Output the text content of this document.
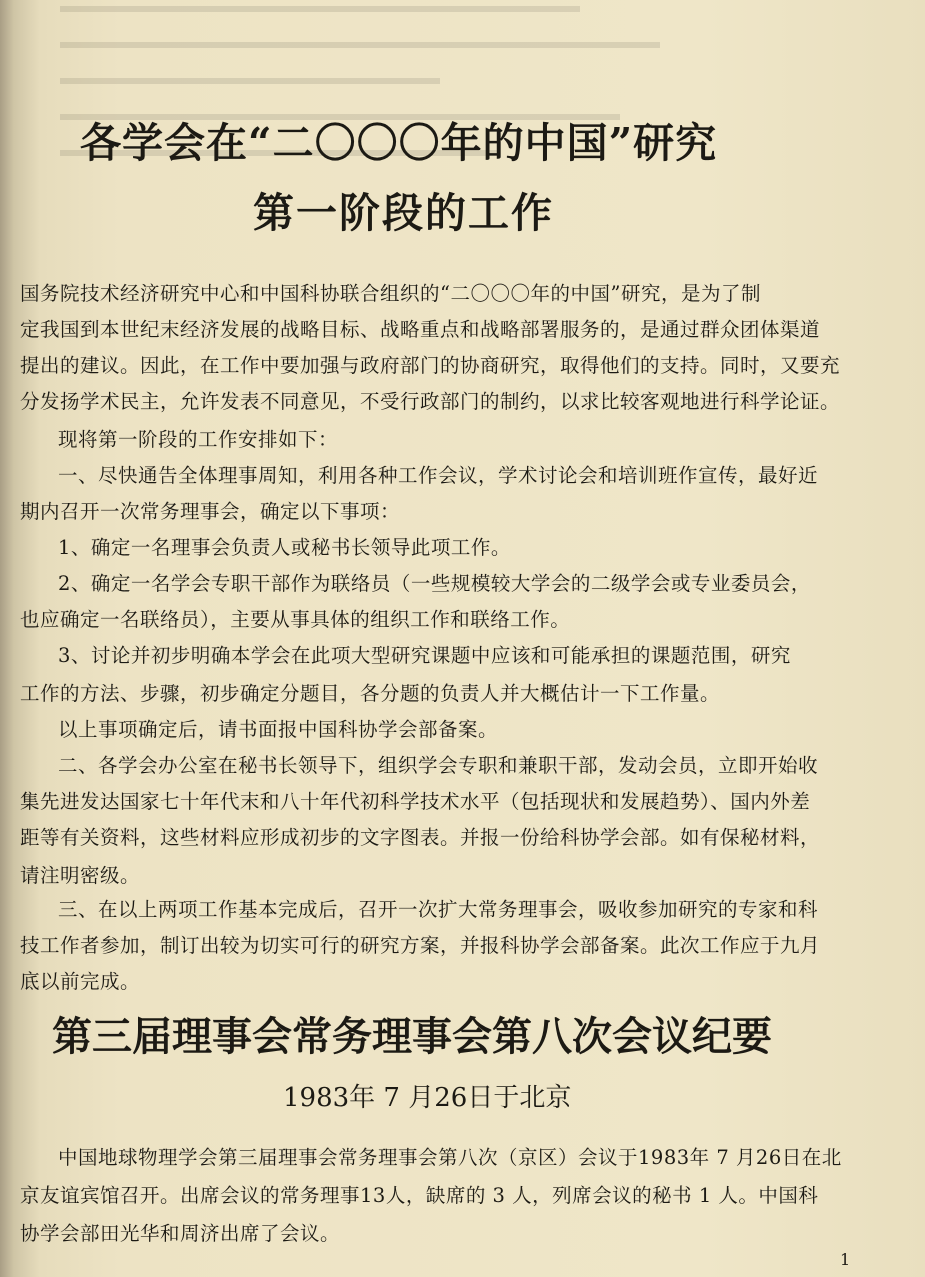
各学会在“二〇〇〇年的中国”研究
第一阶段的工作

国务院技术经济研究中心和中国科协联合组织的“二〇〇〇年的中国”研究，是为了制

定我国到本世纪末经济发展的战略目标、战略重点和战略部署服务的，是通过群众团体渠道

提出的建议。因此，在工作中要加强与政府部门的协商研究，取得他们的支持。同时，又要充

分发扬学术民主，允许发表不同意见，不受行政部门的制约，以求比较客观地进行科学论证。

现将第一阶段的工作安排如下：

一、尽快通告全体理事周知，利用各种工作会议，学术讨论会和培训班作宣传，最好近

期内召开一次常务理事会，确定以下事项：

1、确定一名理事会负责人或秘书长领导此项工作。

2、确定一名学会专职干部作为联络员（一些规模较大学会的二级学会或专业委员会，

也应确定一名联络员），主要从事具体的组织工作和联络工作。

3、讨论并初步明确本学会在此项大型研究课题中应该和可能承担的课题范围，研究

工作的方法、步骤，初步确定分题目，各分题的负责人并大概估计一下工作量。

以上事项确定后，请书面报中国科协学会部备案。

二、各学会办公室在秘书长领导下，组织学会专职和兼职干部，发动会员，立即开始收

集先进发达国家七十年代末和八十年代初科学技术水平（包括现状和发展趋势）、国内外差

距等有关资料，这些材料应形成初步的文字图表。并报一份给科协学会部。如有保秘材料，

请注明密级。

三、在以上两项工作基本完成后，召开一次扩大常务理事会，吸收参加研究的专家和科

技工作者参加，制订出较为切实可行的研究方案，并报科协学会部备案。此次工作应于九月

底以前完成。

第三届理事会常务理事会第八次会议纪要
1983年 7 月26日于北京

中国地球物理学会第三届理事会常务理事会第八次（京区）会议于1983年 7 月26日在北

京友谊宾馆召开。出席会议的常务理事13人，缺席的 3 人，列席会议的秘书 1 人。中国科

协学会部田光华和周济出席了会议。

1
